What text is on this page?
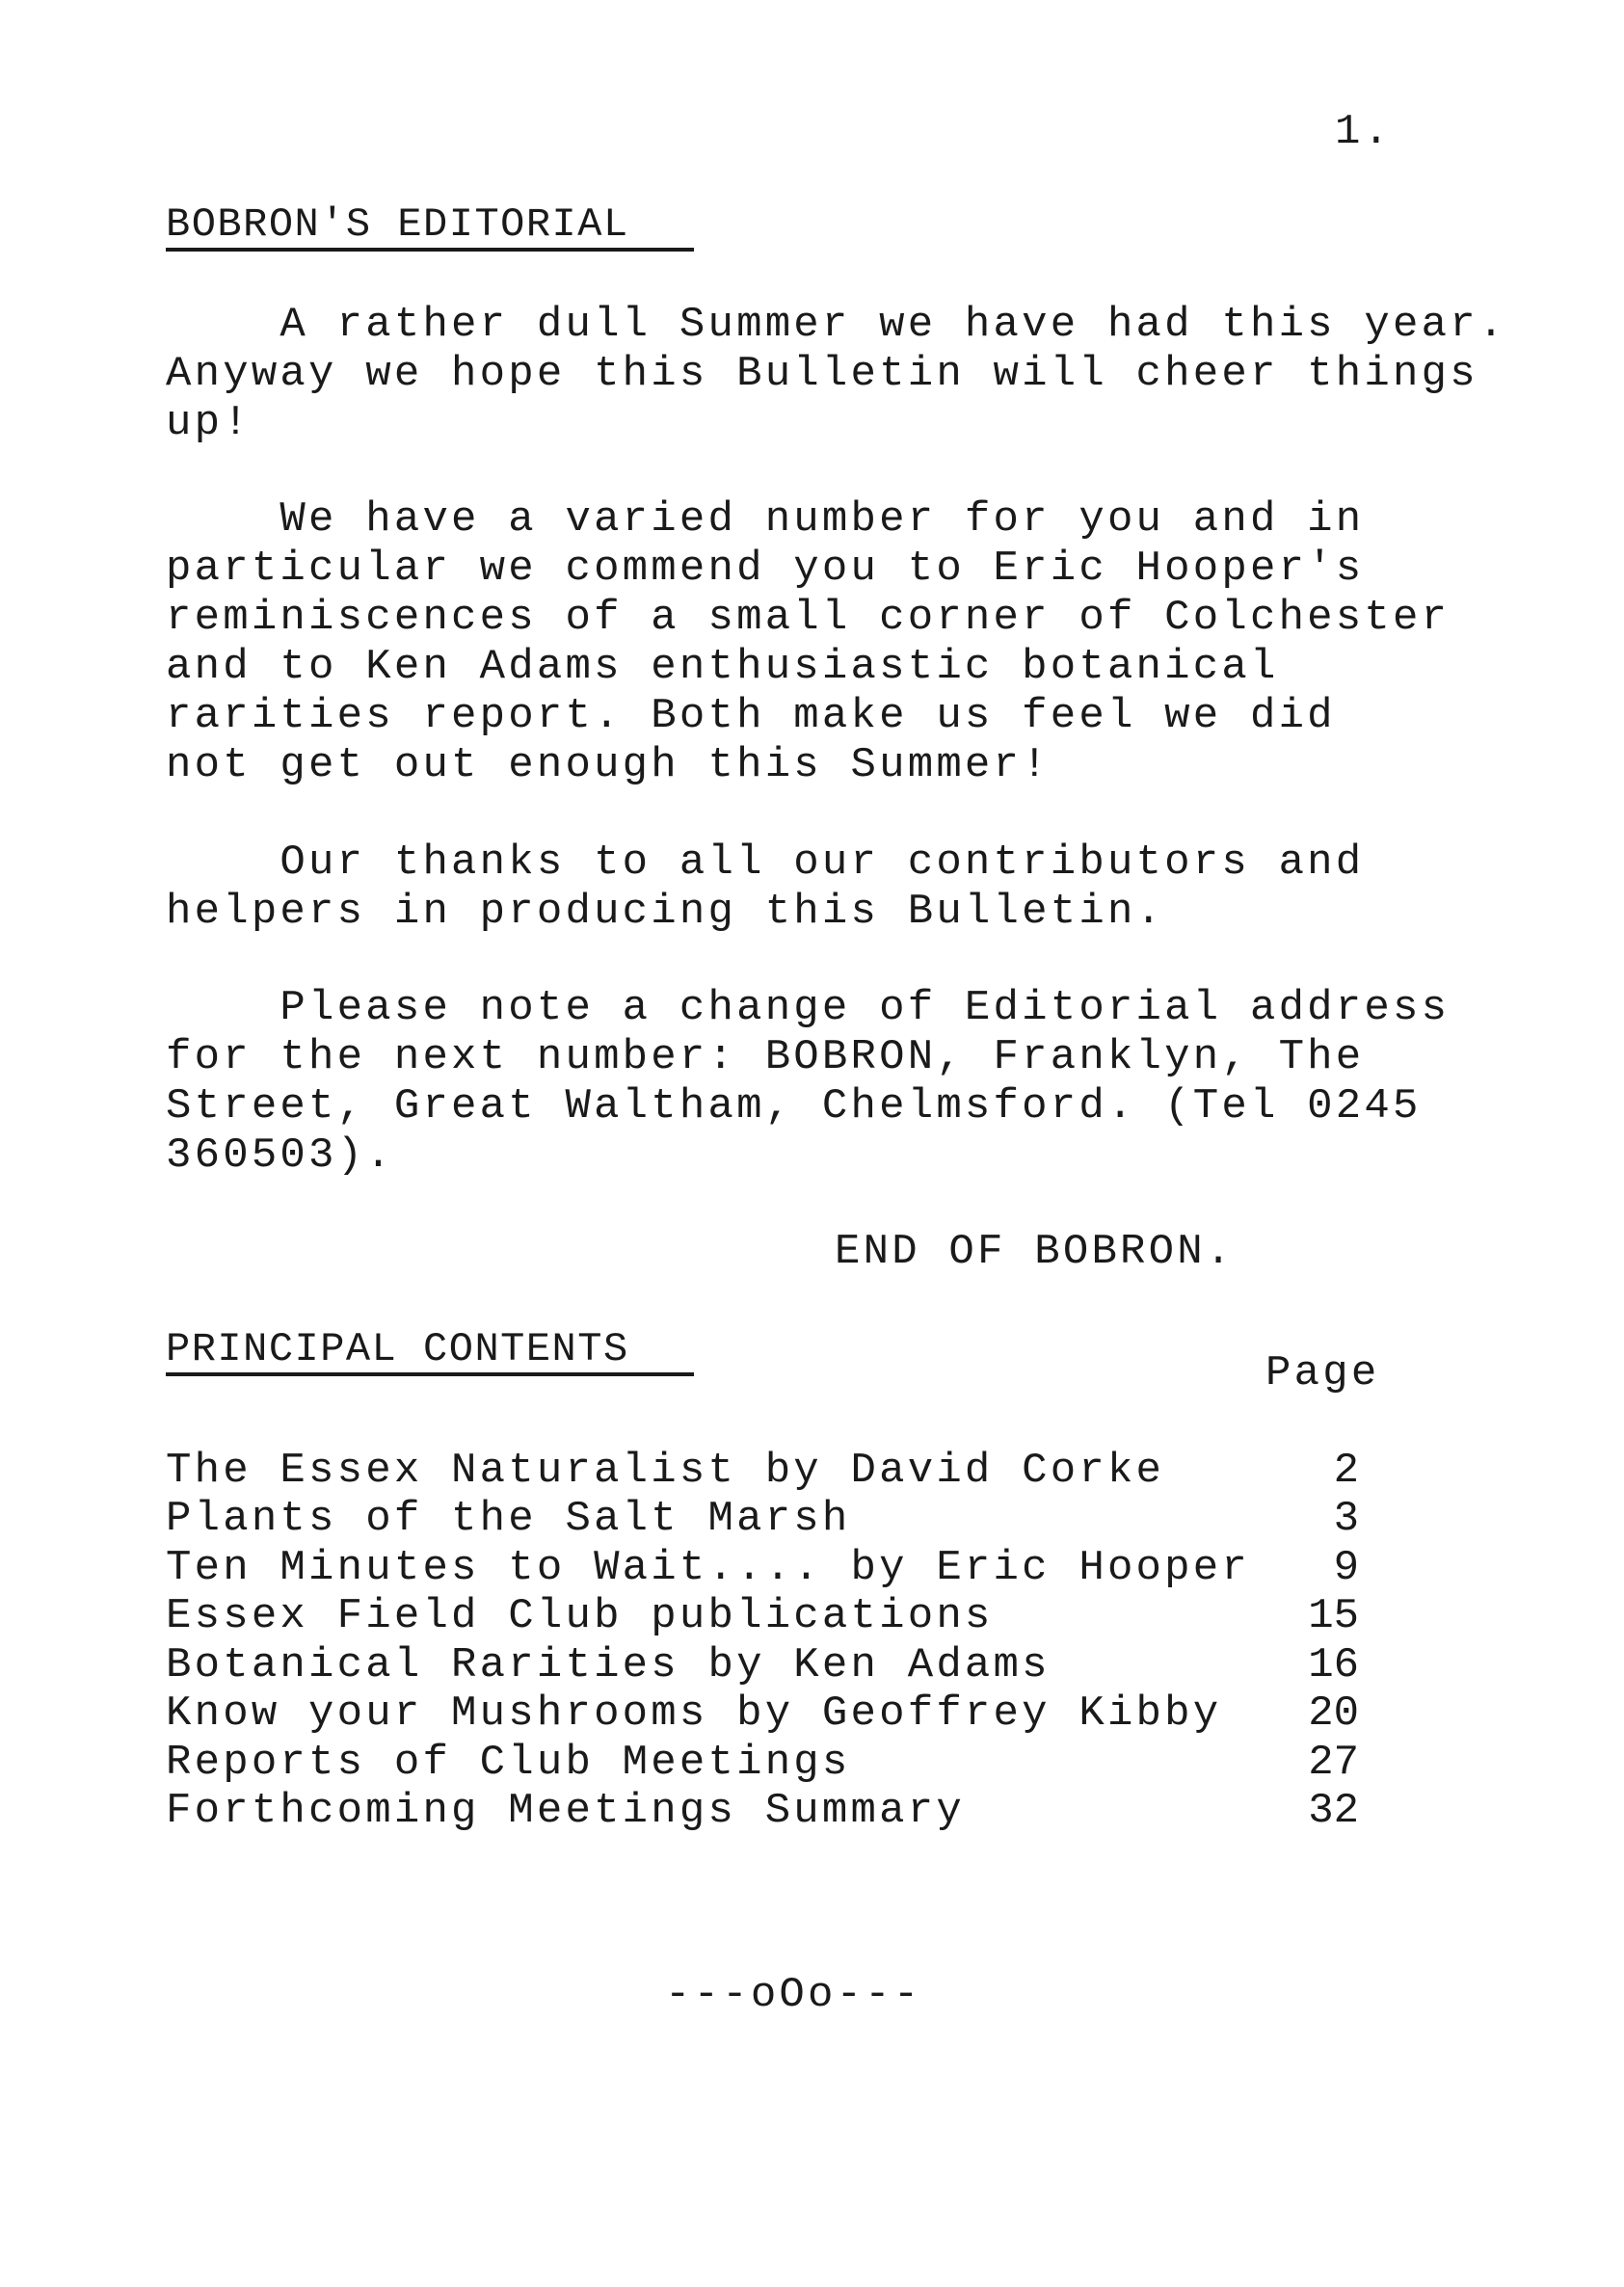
1.
BOBRON'S EDITORIAL
A rather dull Summer we have had this year.
Anyway we hope this Bulletin will cheer things
up!
We have a varied number for you and in
particular we commend you to Eric Hooper's
reminiscences of a small corner of Colchester
and to Ken Adams enthusiastic botanical
rarities report. Both make us feel we did
not get out enough this Summer!
Our thanks to all our contributors and
helpers in producing this Bulletin.
Please note a change of Editorial address
for the next number: BOBRON, Franklyn, The
Street, Great Waltham, Chelmsford. (Tel 0245
360503).
END OF BOBRON.
PRINCIPAL CONTENTS	Page
The Essex Naturalist by David Corke	2
Plants of the Salt Marsh	3
Ten Minutes to Wait.... by Eric Hooper	9
Essex Field Club publications	15
Botanical Rarities by Ken Adams	16
Know your Mushrooms by Geoffrey Kibby	20
Reports of Club Meetings	27
Forthcoming Meetings Summary	32
---oOo---
